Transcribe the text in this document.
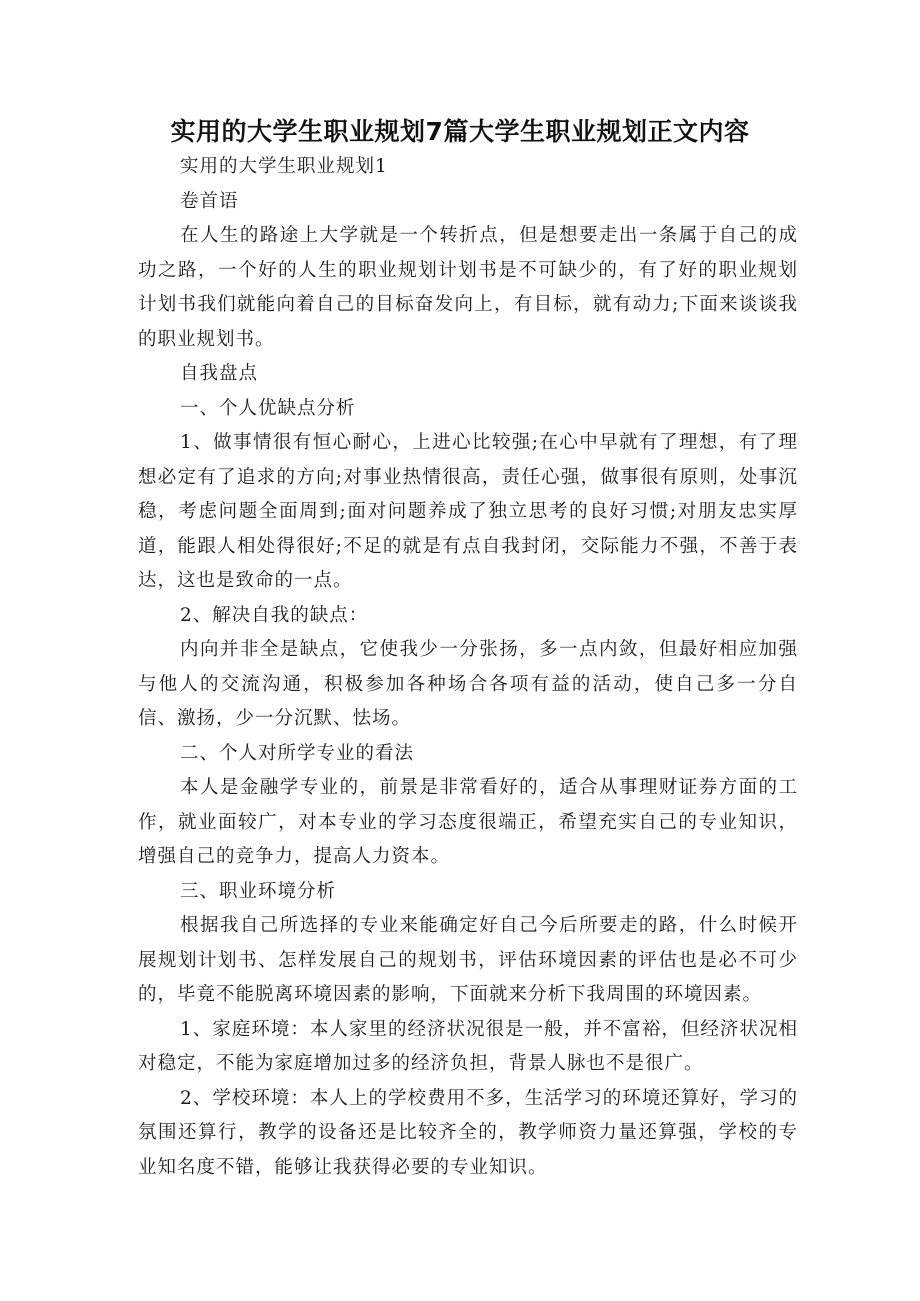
实用的大学生职业规划7篇大学生职业规划正文内容

实用的大学生职业规划1

卷首语

在人生的路途上大学就是一个转折点，但是想要走出一条属于自己的成功之路，一个好的人生的职业规划计划书是不可缺少的，有了好的职业规划计划书我们就能向着自己的目标奋发向上，有目标，就有动力;下面来谈谈我的职业规划书。

自我盘点

一、个人优缺点分析

1、做事情很有恒心耐心，上进心比较强;在心中早就有了理想，有了理想必定有了追求的方向;对事业热情很高，责任心强，做事很有原则，处事沉稳，考虑问题全面周到;面对问题养成了独立思考的良好习惯;对朋友忠实厚道，能跟人相处得很好;不足的就是有点自我封闭，交际能力不强，不善于表达，这也是致命的一点。

2、解决自我的缺点：

内向并非全是缺点，它使我少一分张扬，多一点内敛，但最好相应加强与他人的交流沟通，积极参加各种场合各项有益的活动，使自己多一分自信、激扬，少一分沉默、怯场。

二、个人对所学专业的看法

本人是金融学专业的，前景是非常看好的，适合从事理财证券方面的工作，就业面较广，对本专业的学习态度很端正，希望充实自己的专业知识，增强自己的竞争力，提高人力资本。

三、职业环境分析

根据我自己所选择的专业来能确定好自己今后所要走的路，什么时候开展规划计划书、怎样发展自己的规划书，评估环境因素的评估也是必不可少的，毕竟不能脱离环境因素的影响，下面就来分析下我周围的环境因素。

1、家庭环境：本人家里的经济状况很是一般，并不富裕，但经济状况相对稳定，不能为家庭增加过多的经济负担，背景人脉也不是很广。

2、学校环境：本人上的学校费用不多，生活学习的环境还算好，学习的氛围还算行，教学的设备还是比较齐全的，教学师资力量还算强，学校的专业知名度不错，能够让我获得必要的专业知识。
